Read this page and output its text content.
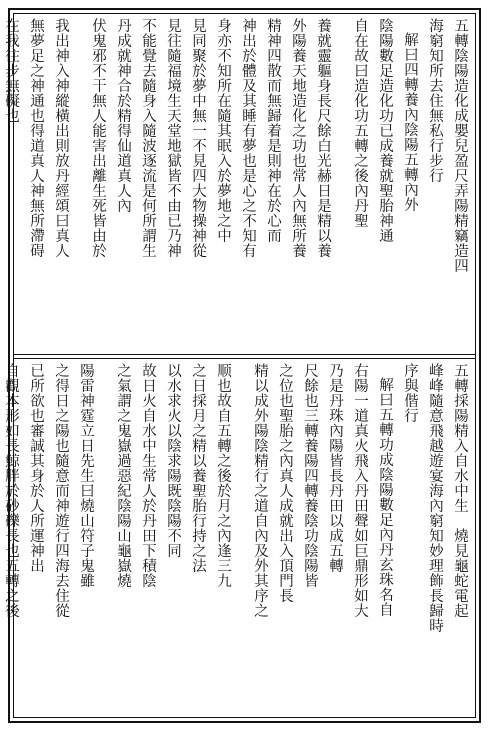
五轉陰陽造化成嬰兒盈尺弄陽精竊造四
海窮知所去住無私行步行
解曰四轉養內陰陽五轉內外
陰陽數足造化功已成養就聖胎神通
自在故曰造化功五轉之後內丹聖
養就靈軀身長尺餘白光赫日是精以養
外陽養天地造化之功也常人內無所養
精神四散而無歸着是則神在於心而
神出於體及其睡有夢也是心之不知有
身亦不知所在隨其眠入於夢地之中
見同聚於夢中無一不見四大物操神從
見往隨福境生天堂地獄皆不由已乃神
不能覺去隨身入隨波逐流是何所謂生
丹成就神合於精得仙道真人內
伏鬼邪不干無人能害出離生死皆由於
我出神入神縱橫出則放丹經頌曰真人
無夢足之神通也得道真人神無所滯碍
在我往步無礙也
五轉採陽精入自水中生　燒見龜蛇電起
峰峰隨意飛越遊宴海內窮知妙理飾長歸時
序與偕行
解曰五轉功成陰陽數足內丹玄珠名自
右陽一道真火飛入丹田聲如巨鼎形如大
乃是丹珠內陽皆長丹田以成五轉
尺餘也三轉養陽四轉養陰功陰陽皆
之位也聖胎之內真人成就出入頂門長
精以成外陽陰精行之道自內及外其序之
顺也故自五轉之後於月之內逢三九
之日採月之精以養聖胎行持之法
以水求火以陰求陽既陰陽不同
故日火自水中生常人於丹田下積陰
之氣謂之鬼嶽過惡紀陰陽山龜嶽燒
陽雷神霆立日先生曰燒山符子鬼雖
之得日之陽也隨意而神遊行四海去住從
已所欲也審誠其身於人所運神出
自觀本形如長鯨胖於砂礫長也五轉之後
